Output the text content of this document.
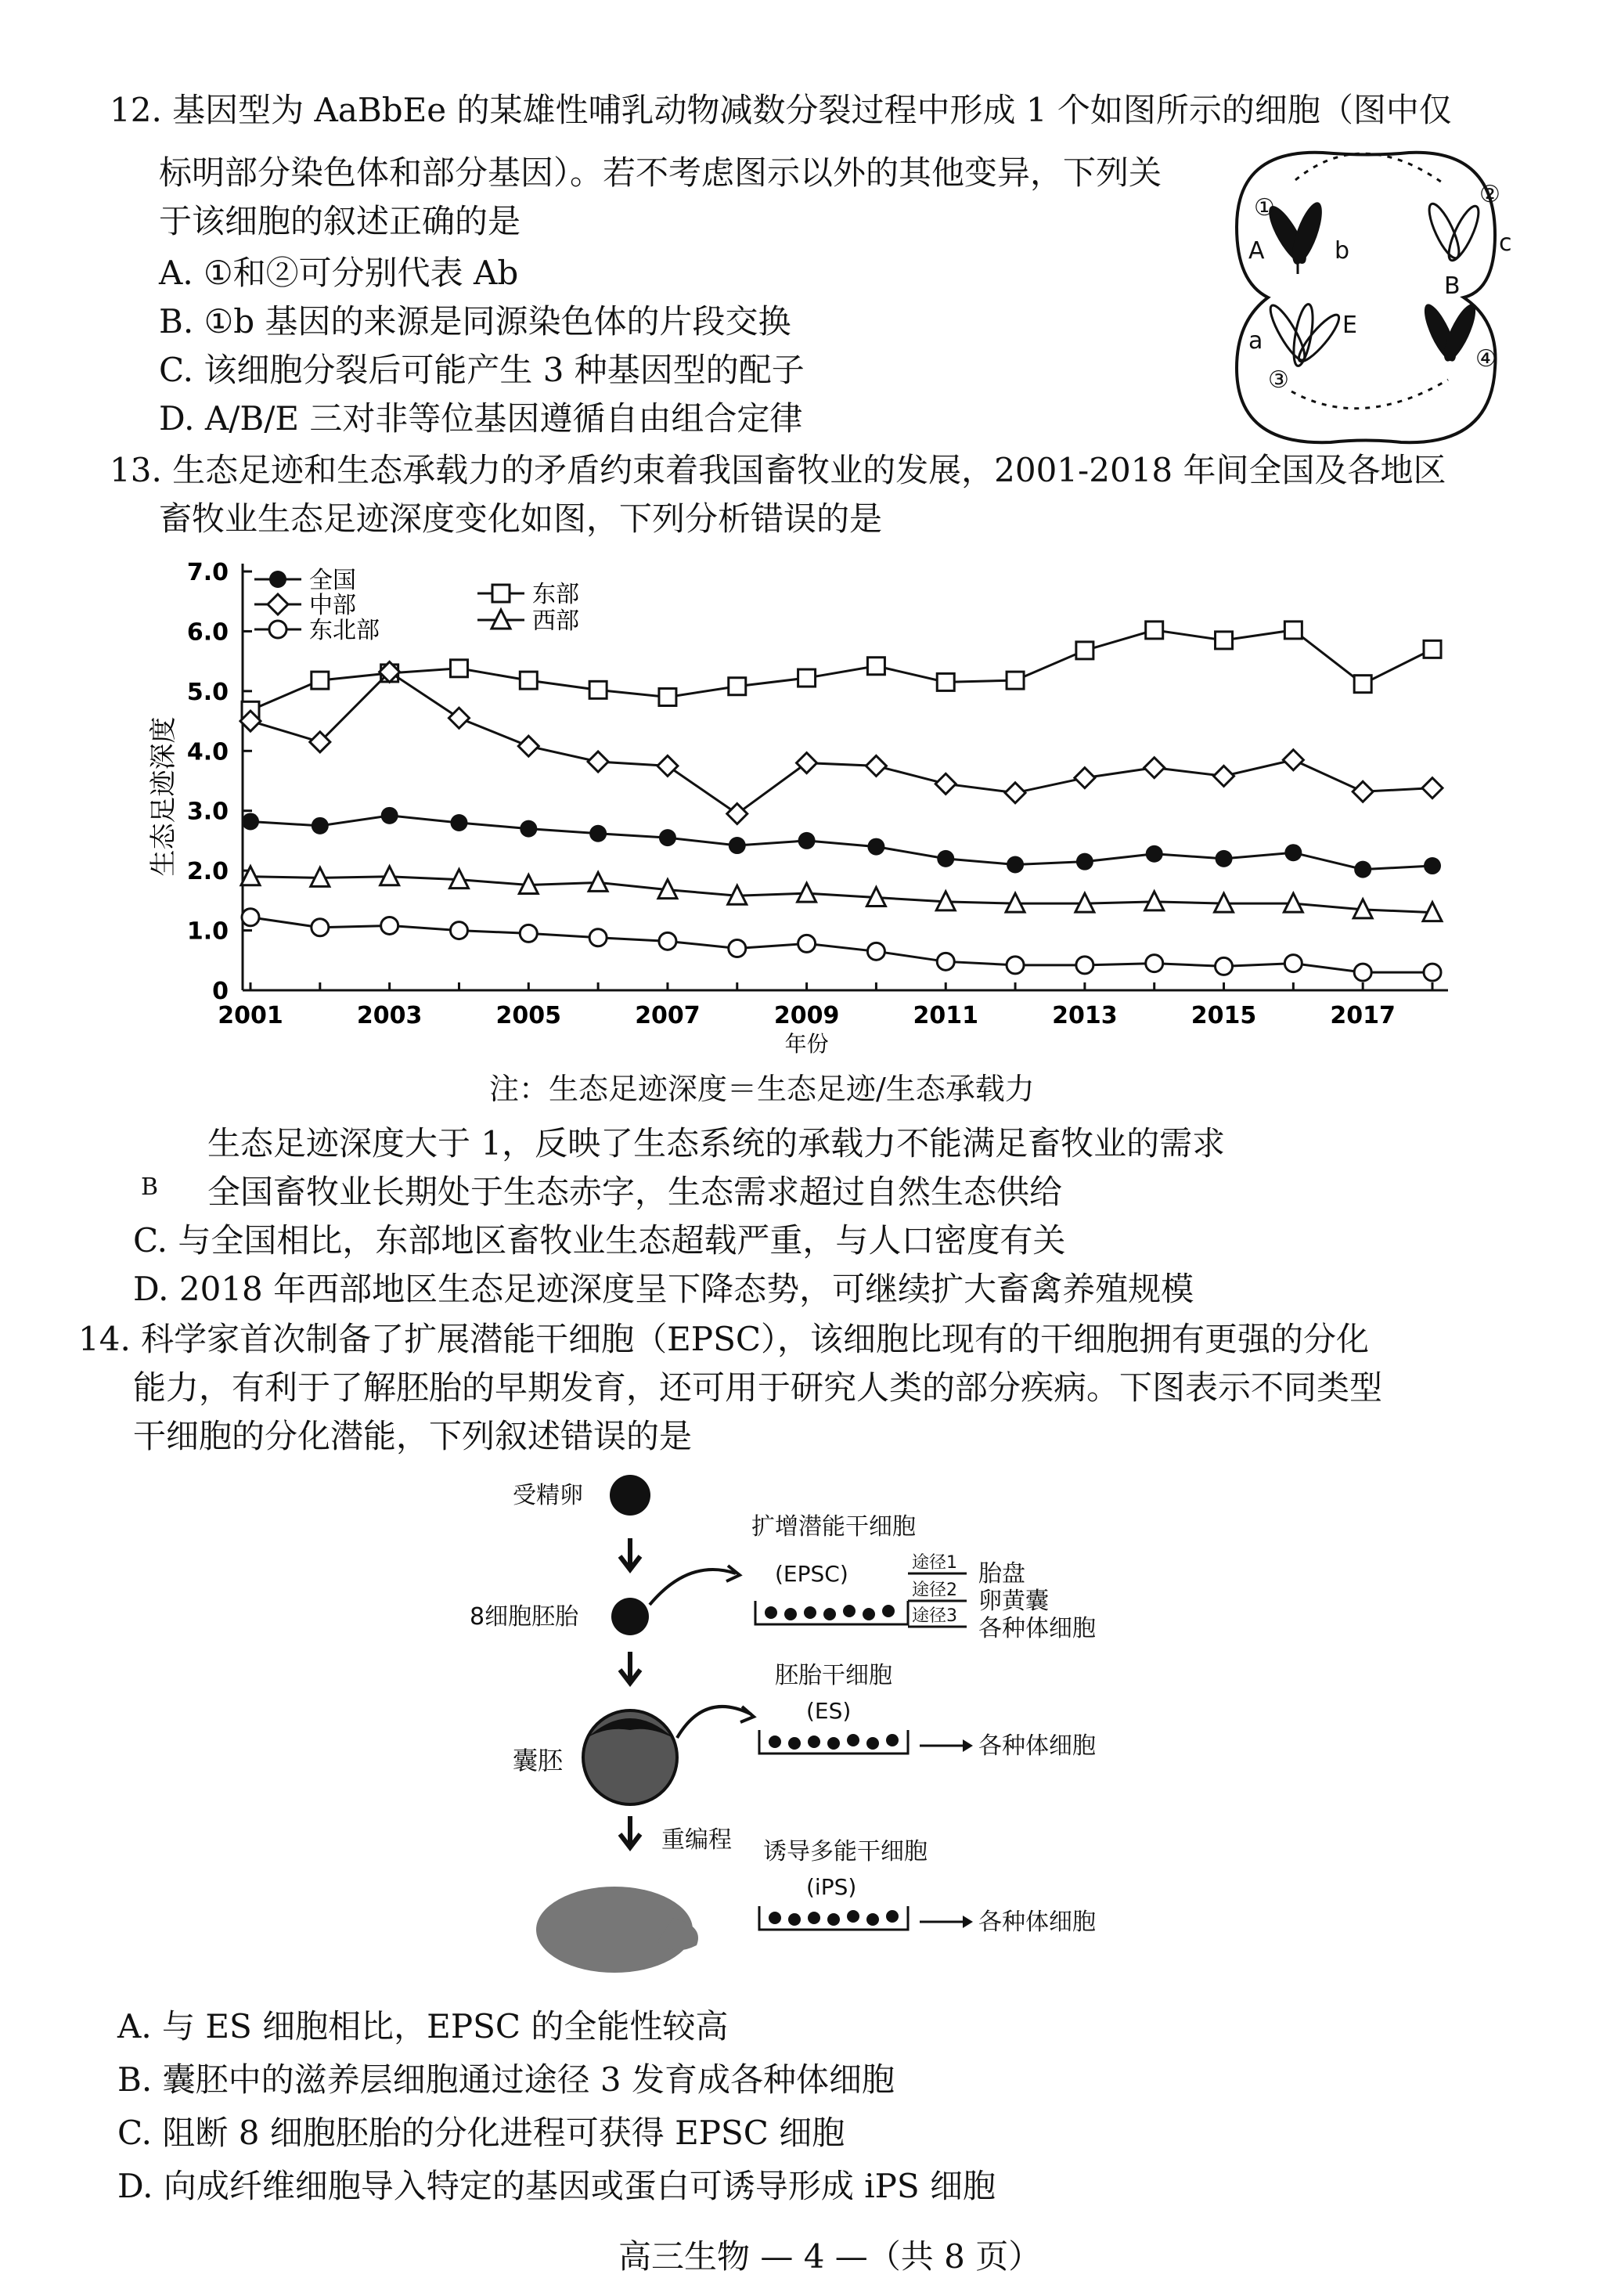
12. 基因型为 AaBbEe 的某雄性哺乳动物减数分裂过程中形成 1 个如图所示的细胞（图中仅
标明部分染色体和部分基因）。若不考虑图示以外的其他变异，下列关
于该细胞的叙述正确的是
A. ①和②可分别代表 Ab
B. ①b 基因的来源是同源染色体的片段交换
C. 该细胞分裂后可能产生 3 种基因型的配子
D. A/B/E 三对非等位基因遵循自由组合定律
①	②
A	b	c
a
E
B
③
④
13. 生态足迹和生态承载力的矛盾约束着我国畜牧业的发展，2001-2018 年间全国及各地区
畜牧业生态足迹深度变化如图，下列分析错误的是
0
1.0
2.0
3.0
4.0
5.0
6.0
7.0
2001	2003	2005	2007	2009	2011	2013	2015	2017
年份
生态足迹深度
全国
中部
东北部
东部
西部
注：生态足迹深度＝生态足迹/生态承载力
生态足迹深度大于 1，反映了生态系统的承载力不能满足畜牧业的需求
B 全国畜牧业长期处于生态赤字，生态需求超过自然生态供给
C. 与全国相比，东部地区畜牧业生态超载严重，与人口密度有关
D. 2018 年西部地区生态足迹深度呈下降态势，可继续扩大畜禽养殖规模
14. 科学家首次制备了扩展潜能干细胞（EPSC），该细胞比现有的干细胞拥有更强的分化
能力，有利于了解胚胎的早期发育，还可用于研究人类的部分疾病。下图表示不同类型
干细胞的分化潜能，下列叙述错误的是
受精卵
8细胞胚胎
扩增潜能干细胞
(EPSC)	途径1
途径2
途径3
胎盘
卵黄囊
各种体细胞
囊胚
胚胎干细胞
(ES)
各种体细胞
重编程 诱导多能干细胞
(iPS)
各种体细胞
A. 与 ES 细胞相比，EPSC 的全能性较高
B. 囊胚中的滋养层细胞通过途径 3 发育成各种体细胞
C. 阻断 8 细胞胚胎的分化进程可获得 EPSC 细胞
D. 向成纤维细胞导入特定的基因或蛋白可诱导形成 iPS 细胞
高三生物 — 4 —（共 8 页）
